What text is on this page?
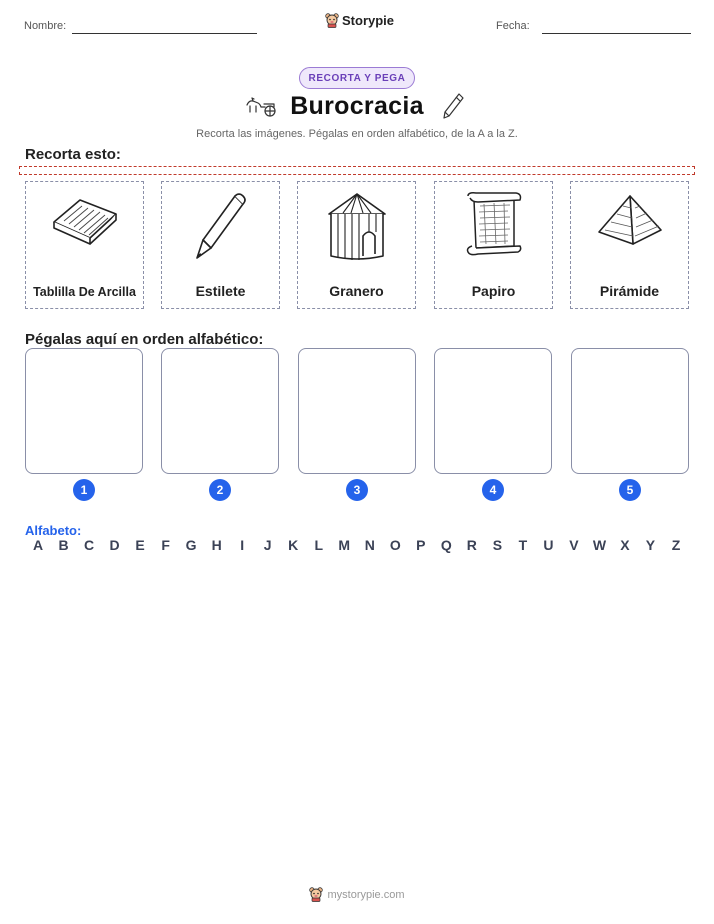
Nombre:	Storypie	Fecha:
RECORTA Y PEGA
Burocracia
Recorta las imágenes. Pégalas en orden alfabético, de la A a la Z.
Recorta esto:
Tablilla De Arcilla	Estilete	Granero	Papiro	Pirámide
Pégalas aquí en orden alfabético:
1	2	3	4	5
Alfabeto:
A	B	C	D	E	F	G	H	I	J	K	L	M	N	O	P	Q	R	S	T	U	V	W	X	Y	Z
mystorypie.com
